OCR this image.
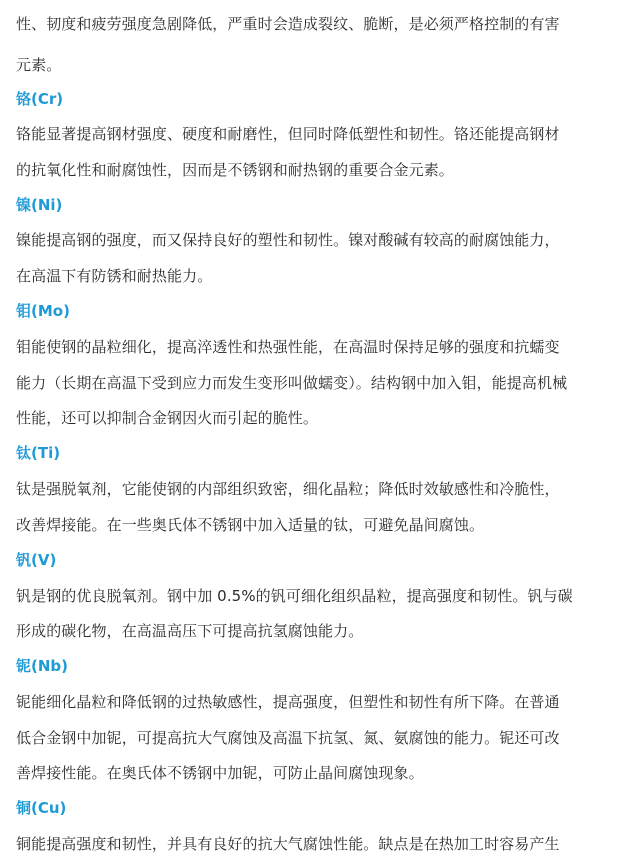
性、韧度和疲劳强度急剧降低，严重时会造成裂纹、脆断，是必须严格控制的有害
元素。
铬(Cr)
铬能显著提高钢材强度、硬度和耐磨性，但同时降低塑性和韧性。铬还能提高钢材
的抗氧化性和耐腐蚀性，因而是不锈钢和耐热钢的重要合金元素。
镍(Ni)
镍能提高钢的强度，而又保持良好的塑性和韧性。镍对酸碱有较高的耐腐蚀能力，
在高温下有防锈和耐热能力。
钼(Mo)
钼能使钢的晶粒细化，提高淬透性和热强性能，在高温时保持足够的强度和抗蠕变
能力（长期在高温下受到应力而发生变形叫做蠕变）。结构钢中加入钼，能提高机械
性能，还可以抑制合金钢因火而引起的脆性。
钛(Ti)
钛是强脱氧剂，它能使钢的内部组织致密，细化晶粒；降低时效敏感性和冷脆性，
改善焊接能。在一些奥氏体不锈钢中加入适量的钛，可避免晶间腐蚀。
钒(V)
钒是钢的优良脱氧剂。钢中加 0.5%的钒可细化组织晶粒，提高强度和韧性。钒与碳
形成的碳化物，在高温高压下可提高抗氢腐蚀能力。
铌(Nb)
铌能细化晶粒和降低钢的过热敏感性，提高强度，但塑性和韧性有所下降。在普通
低合金钢中加铌，可提高抗大气腐蚀及高温下抗氢、氮、氨腐蚀的能力。铌还可改
善焊接性能。在奥氏体不锈钢中加铌，可防止晶间腐蚀现象。
铜(Cu)
铜能提高强度和韧性，并具有良好的抗大气腐蚀性能。缺点是在热加工时容易产生
